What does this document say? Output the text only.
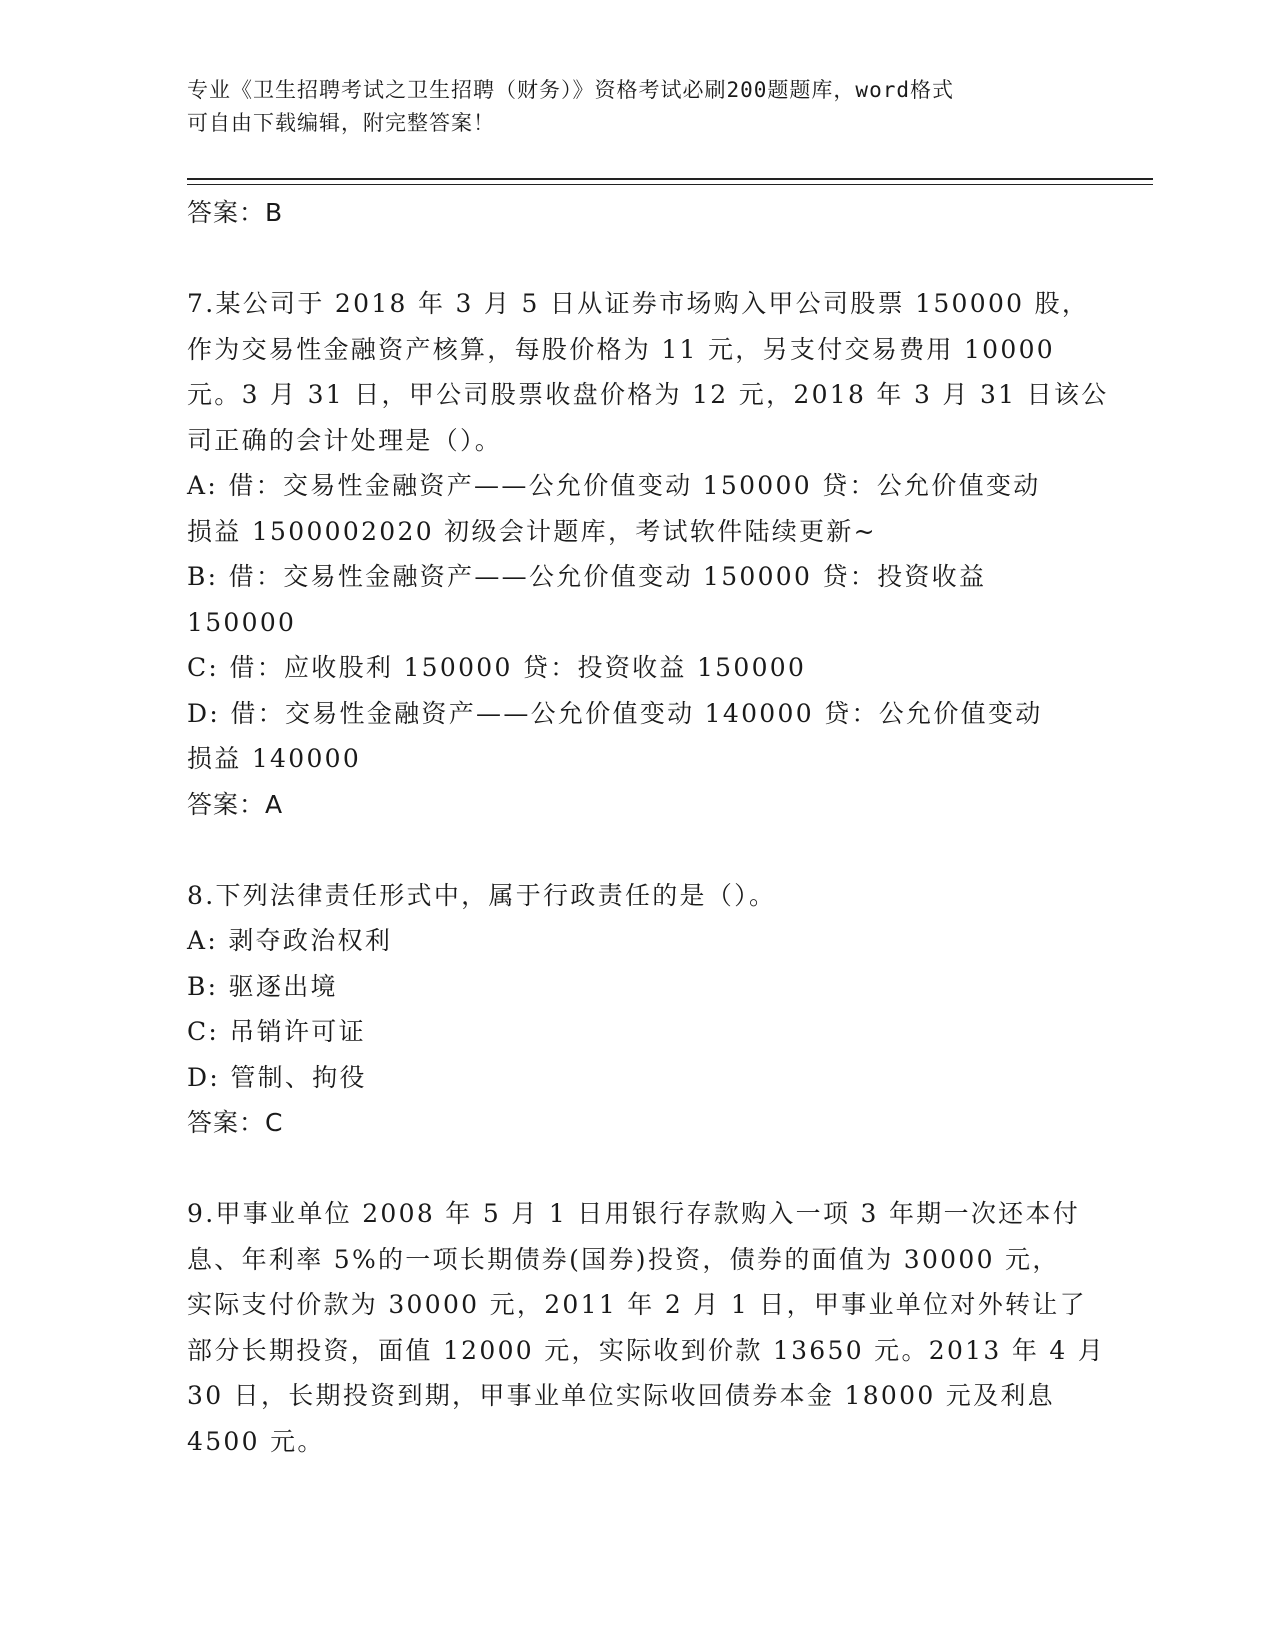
专业《卫生招聘考试之卫生招聘（财务）》资格考试必刷200题题库，word格式
可自由下载编辑，附完整答案！
答案：B
7.某公司于 2018 年 3 月 5 日从证券市场购入甲公司股票 150000 股，
作为交易性金融资产核算，每股价格为 11 元，另支付交易费用 10000
元。3 月 31 日，甲公司股票收盘价格为 12 元，2018 年 3 月 31 日该公
司正确的会计处理是（）。
A: 借：交易性金融资产——公允价值变动 150000 贷：公允价值变动
损益 1500002020 初级会计题库，考试软件陆续更新~
B: 借：交易性金融资产——公允价值变动 150000 贷：投资收益
150000
C: 借：应收股利 150000 贷：投资收益 150000
D: 借：交易性金融资产——公允价值变动 140000 贷：公允价值变动
损益 140000
答案：A
8.下列法律责任形式中，属于行政责任的是（）。
A: 剥夺政治权利
B: 驱逐出境
C: 吊销许可证
D: 管制、拘役
答案：C
9.甲事业单位 2008 年 5 月 1 日用银行存款购入一项 3 年期一次还本付
息、年利率 5%的一项长期债券(国券)投资，债券的面值为 30000 元，
实际支付价款为 30000 元，2011 年 2 月 1 日，甲事业单位对外转让了
部分长期投资，面值 12000 元，实际收到价款 13650 元。2013 年 4 月
30 日，长期投资到期，甲事业单位实际收回债券本金 18000 元及利息
4500 元。
